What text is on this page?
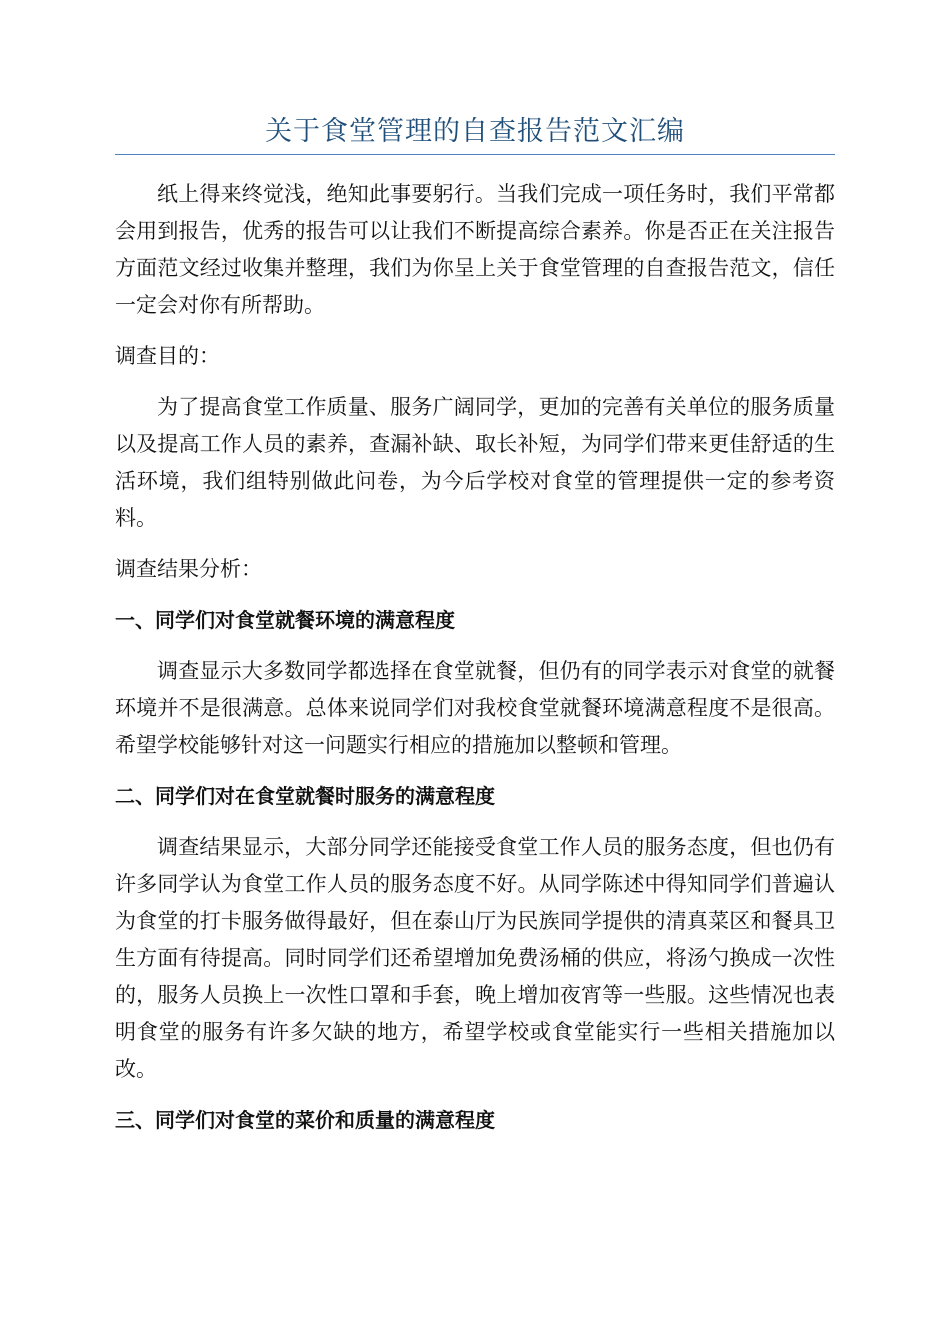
关于食堂管理的自查报告范文汇编

纸上得来终觉浅，绝知此事要躬行。当我们完成一项任务时，我们平常都会用到报告，优秀的报告可以让我们不断提高综合素养。你是否正在关注报告方面范文经过收集并整理，我们为你呈上关于食堂管理的自查报告范文，信任一定会对你有所帮助。

调查目的：

为了提高食堂工作质量、服务广阔同学，更加的完善有关单位的服务质量以及提高工作人员的素养，查漏补缺、取长补短，为同学们带来更佳舒适的生活环境，我们组特别做此问卷，为今后学校对食堂的管理提供一定的参考资料。

调查结果分析：

一、同学们对食堂就餐环境的满意程度

调查显示大多数同学都选择在食堂就餐，但仍有的同学表示对食堂的就餐环境并不是很满意。总体来说同学们对我校食堂就餐环境满意程度不是很高。希望学校能够针对这一问题实行相应的措施加以整顿和管理。

二、同学们对在食堂就餐时服务的满意程度

调查结果显示，大部分同学还能接受食堂工作人员的服务态度，但也仍有许多同学认为食堂工作人员的服务态度不好。从同学陈述中得知同学们普遍认为食堂的打卡服务做得最好，但在泰山厅为民族同学提供的清真菜区和餐具卫生方面有待提高。同时同学们还希望增加免费汤桶的供应，将汤勺换成一次性的，服务人员换上一次性口罩和手套，晚上增加夜宵等一些服。这些情况也表明食堂的服务有许多欠缺的地方，希望学校或食堂能实行一些相关措施加以改。

三、同学们对食堂的菜价和质量的满意程度
